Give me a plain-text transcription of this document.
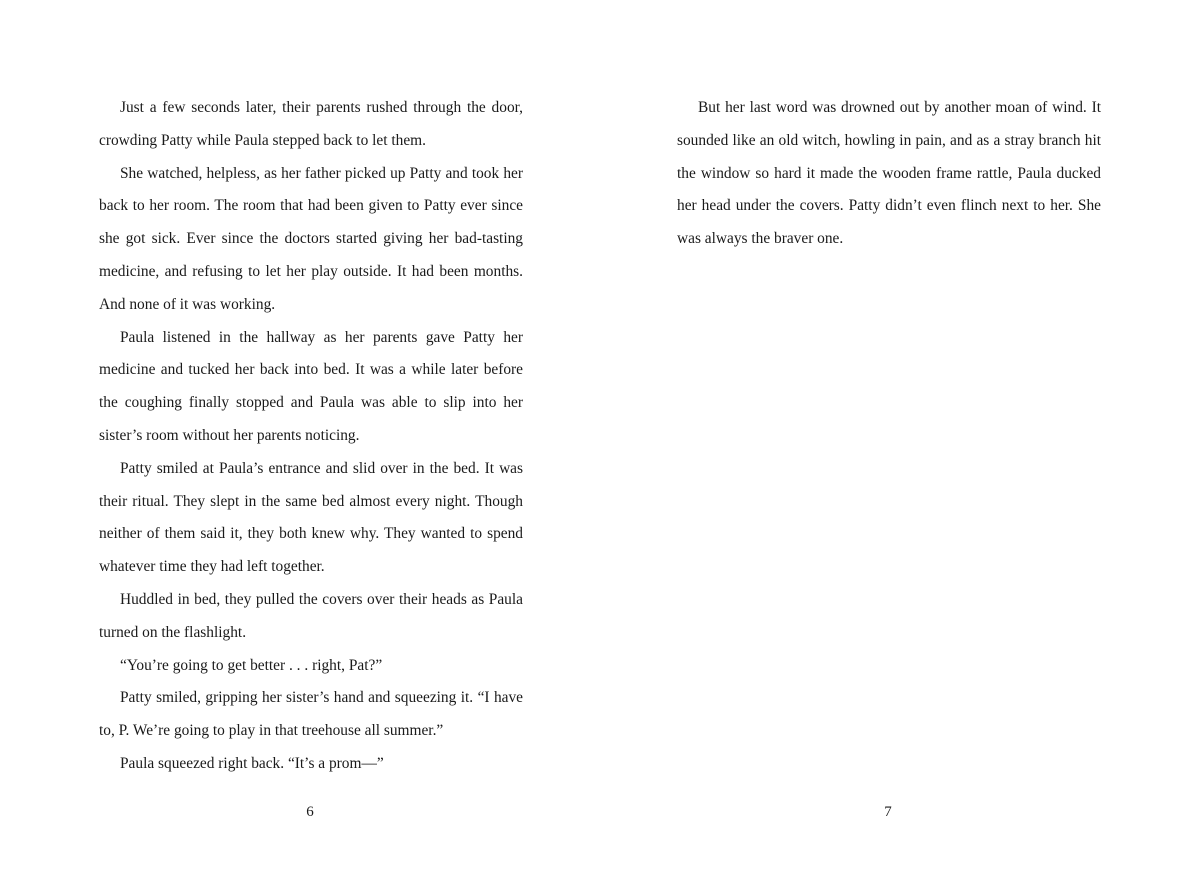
Just a few seconds later, their parents rushed through the door, crowding Patty while Paula stepped back to let them.

She watched, helpless, as her father picked up Patty and took her back to her room. The room that had been given to Patty ever since she got sick. Ever since the doctors started giving her bad-tasting medicine, and refusing to let her play outside. It had been months. And none of it was working.

Paula listened in the hallway as her parents gave Patty her medicine and tucked her back into bed. It was a while later before the coughing finally stopped and Paula was able to slip into her sister’s room without her parents noticing.

Patty smiled at Paula’s entrance and slid over in the bed. It was their ritual. They slept in the same bed almost every night. Though neither of them said it, they both knew why. They wanted to spend whatever time they had left together.

Huddled in bed, they pulled the covers over their heads as Paula turned on the flashlight.

“You’re going to get better . . . right, Pat?”

Patty smiled, gripping her sister’s hand and squeezing it. “I have to, P. We’re going to play in that treehouse all summer.”

Paula squeezed right back. “It’s a prom—”

But her last word was drowned out by another moan of wind. It sounded like an old witch, howling in pain, and as a stray branch hit the window so hard it made the wooden frame rattle, Paula ducked her head under the covers. Patty didn’t even flinch next to her. She was always the braver one.

6	7
